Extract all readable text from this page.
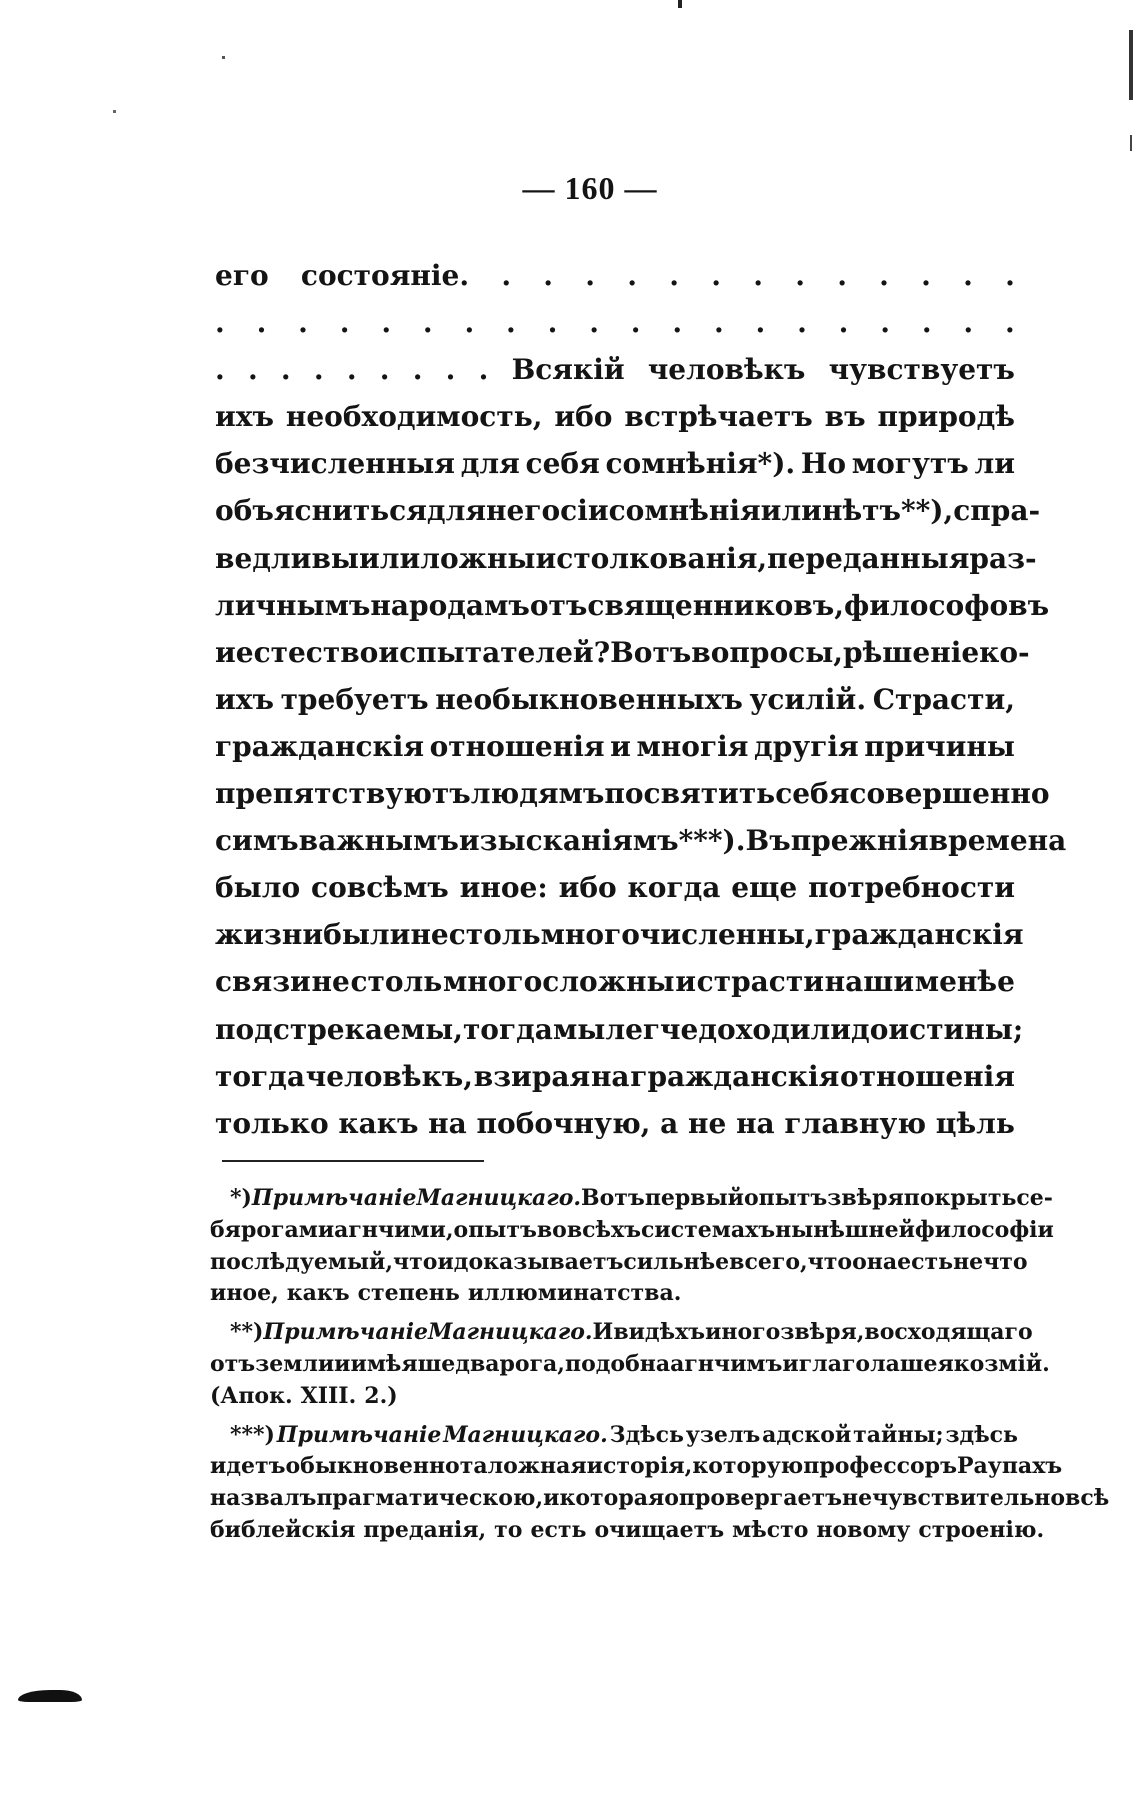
— 160 —
его состояніе. . . . . . . . . . . . . .
. . . . . . . . . . . . . . . . . . . .
. . . . . . . . . Всякій человѣкъ чувствуетъ
ихъ необходимость, ибо встрѣчаетъ въ природѣ
безчисленныя для себя сомнѣнія*). Но могутъ ли
объясниться для него сіи сомнѣнія или нѣтъ**), спра-
ведливы или ложны истолкованія, переданныя раз-
личнымъ народамъ отъ священниковъ, философовъ
и естествоиспытателей? Вотъ вопросы, рѣшеніе ко-
ихъ требуетъ необыкновенныхъ усилій. Страсти,
гражданскія отношенія и многія другія причины
препятствуютъ людямъ посвятить себя совершенно
симъ важнымъ изысканіямъ***). Въ прежнія времена
было совсѣмъ иное: ибо когда еще потребности
жизни были не столь многочисленны, гражданскія
связи не столь многосложны и страсти наши менѣе
подстрекаемы, тогда мы легче доходили до истины;
тогда человѣкъ, взирая на гражданскія отношенія
только какъ на побочную, а не на главную цѣль
*) Примѣчаніе Магницкаго. Вотъ первый опытъ звѣря покрыть се-
бя рогами агнчими, опытъ во всѣхъ системахъ нынѣшней философіи
послѣдуемый, что и доказываетъ сильнѣе всего, что она есть не что
иное, какъ степень иллюминатства.
**) Примѣчаніе Магницкаго. И видѣхъ иного звѣря, восходящаго
отъ земли и имѣяше два рога, подобна агнчимъ и глаголаше яко змій.
(Апок. XIII. 2.)
***) Примѣчаніе Магницкаго. Здѣсь узелъ адской тайны; здѣсь
идетъ обыкновенно та ложная исторія, которую профессоръ Раупахъ
назвалъ прагматическою, и которая опровергаетъ нечувствительно всѣ
библейскія преданія, то есть очищаетъ мѣсто новому строенію.
